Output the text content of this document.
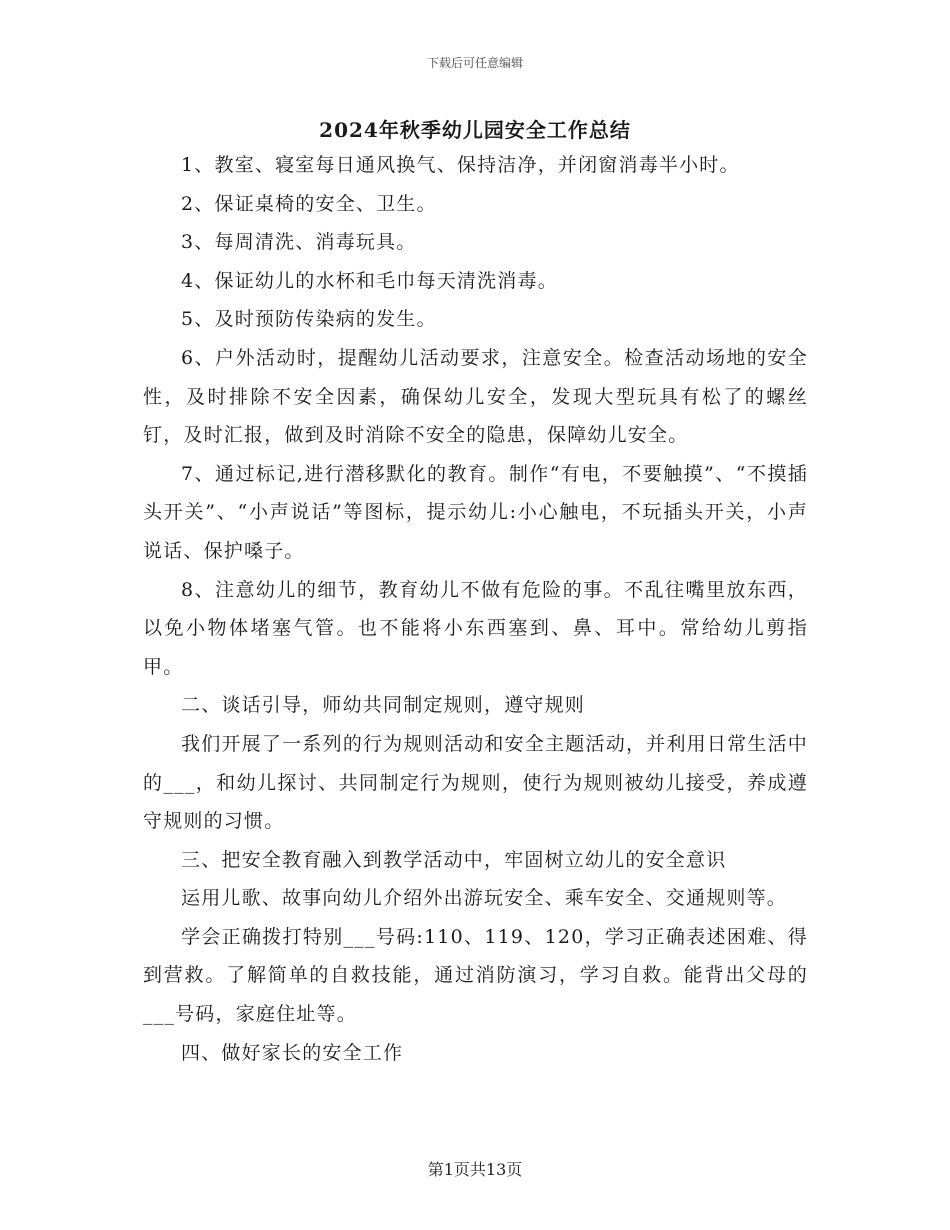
下载后可任意编辑
2024年秋季幼儿园安全工作总结

1、教室、寝室每日通风换气、保持洁净，并闭窗消毒半小时。

2、保证桌椅的安全、卫生。

3、每周清洗、消毒玩具。

4、保证幼儿的水杯和毛巾每天清洗消毒。

5、及时预防传染病的发生。

6、户外活动时，提醒幼儿活动要求，注意安全。检查活动场地的安全性，及时排除不安全因素，确保幼儿安全，发现大型玩具有松了的螺丝钉，及时汇报，做到及时消除不安全的隐患，保障幼儿安全。

7、通过标记,进行潜移默化的教育。制作“有电，不要触摸”、“不摸插头开关”、“小声说话”等图标，提示幼儿:小心触电，不玩插头开关，小声说话、保护嗓子。

8、注意幼儿的细节，教育幼儿不做有危险的事。不乱往嘴里放东西，以免小物体堵塞气管。也不能将小东西塞到、鼻、耳中。常给幼儿剪指甲。

二、谈话引导，师幼共同制定规则，遵守规则

我们开展了一系列的行为规则活动和安全主题活动，并利用日常生活中的___，和幼儿探讨、共同制定行为规则，使行为规则被幼儿接受，养成遵守规则的习惯。

三、把安全教育融入到教学活动中，牢固树立幼儿的安全意识

运用儿歌、故事向幼儿介绍外出游玩安全、乘车安全、交通规则等。

学会正确拨打特别___号码:110、119、120，学习正确表述困难、得到营救。了解简单的自救技能，通过消防演习，学习自救。能背出父母的___号码，家庭住址等。

四、做好家长的安全工作

第1页共13页
